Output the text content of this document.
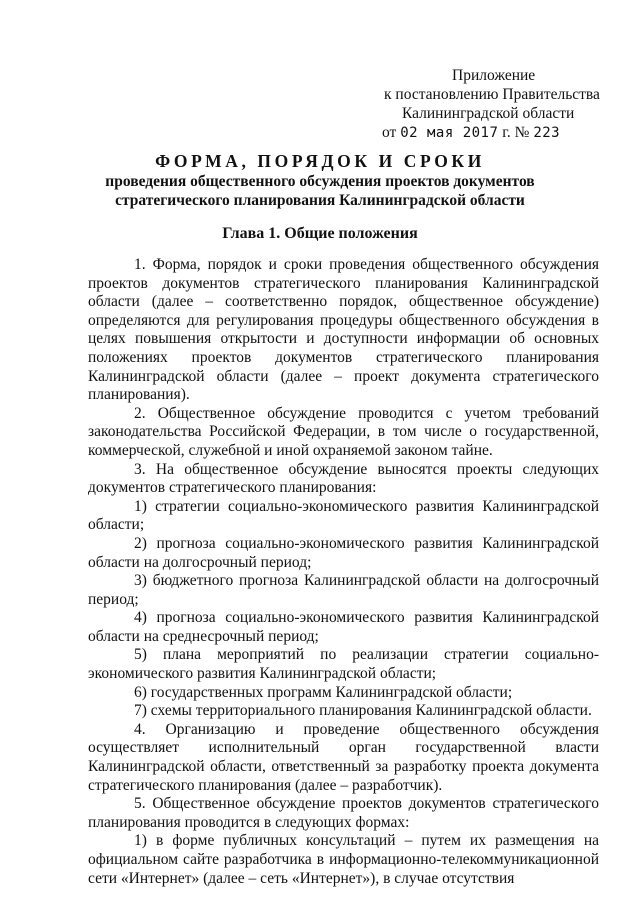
Приложение
к постановлению Правительства
Калининградской области
от 02 мая 2017 г. № 223
ФОРМА, ПОРЯДОК И СРОКИ
проведения общественного обсуждения проектов документов
стратегического планирования Калининградской области
Глава 1. Общие положения

1. Форма, порядок и сроки проведения общественного обсуждения проектов документов стратегического планирования Калининградской области (далее – соответственно порядок, общественное обсуждение) определяются для регулирования процедуры общественного обсуждения в целях повышения открытости и доступности информации об основных положениях проектов документов стратегического планирования Калининградской области (далее – проект документа стратегического планирования).

2. Общественное обсуждение проводится с учетом требований законодательства Российской Федерации, в том числе о государственной, коммерческой, служебной и иной охраняемой законом тайне.

3. На общественное обсуждение выносятся проекты следующих документов стратегического планирования:

1) стратегии социально-экономического развития Калининградской области;

2) прогноза социально-экономического развития Калининградской области на долгосрочный период;

3) бюджетного прогноза Калининградской области на долгосрочный период;

4) прогноза социально-экономического развития Калининградской области на среднесрочный период;

5) плана мероприятий по реализации стратегии социально-экономического развития Калининградской области;

6) государственных программ Калининградской области;

7) схемы территориального планирования Калининградской области.

4. Организацию и проведение общественного обсуждения осуществляет исполнительный орган государственной власти Калининградской области, ответственный за разработку проекта документа стратегического планирования (далее – разработчик).

5. Общественное обсуждение проектов документов стратегического планирования проводится в следующих формах:

1) в форме публичных консультаций – путем их размещения на официальном сайте разработчика в информационно-телекоммуникационной сети «Интернет» (далее – сеть «Интернет»), в случае отсутствия
